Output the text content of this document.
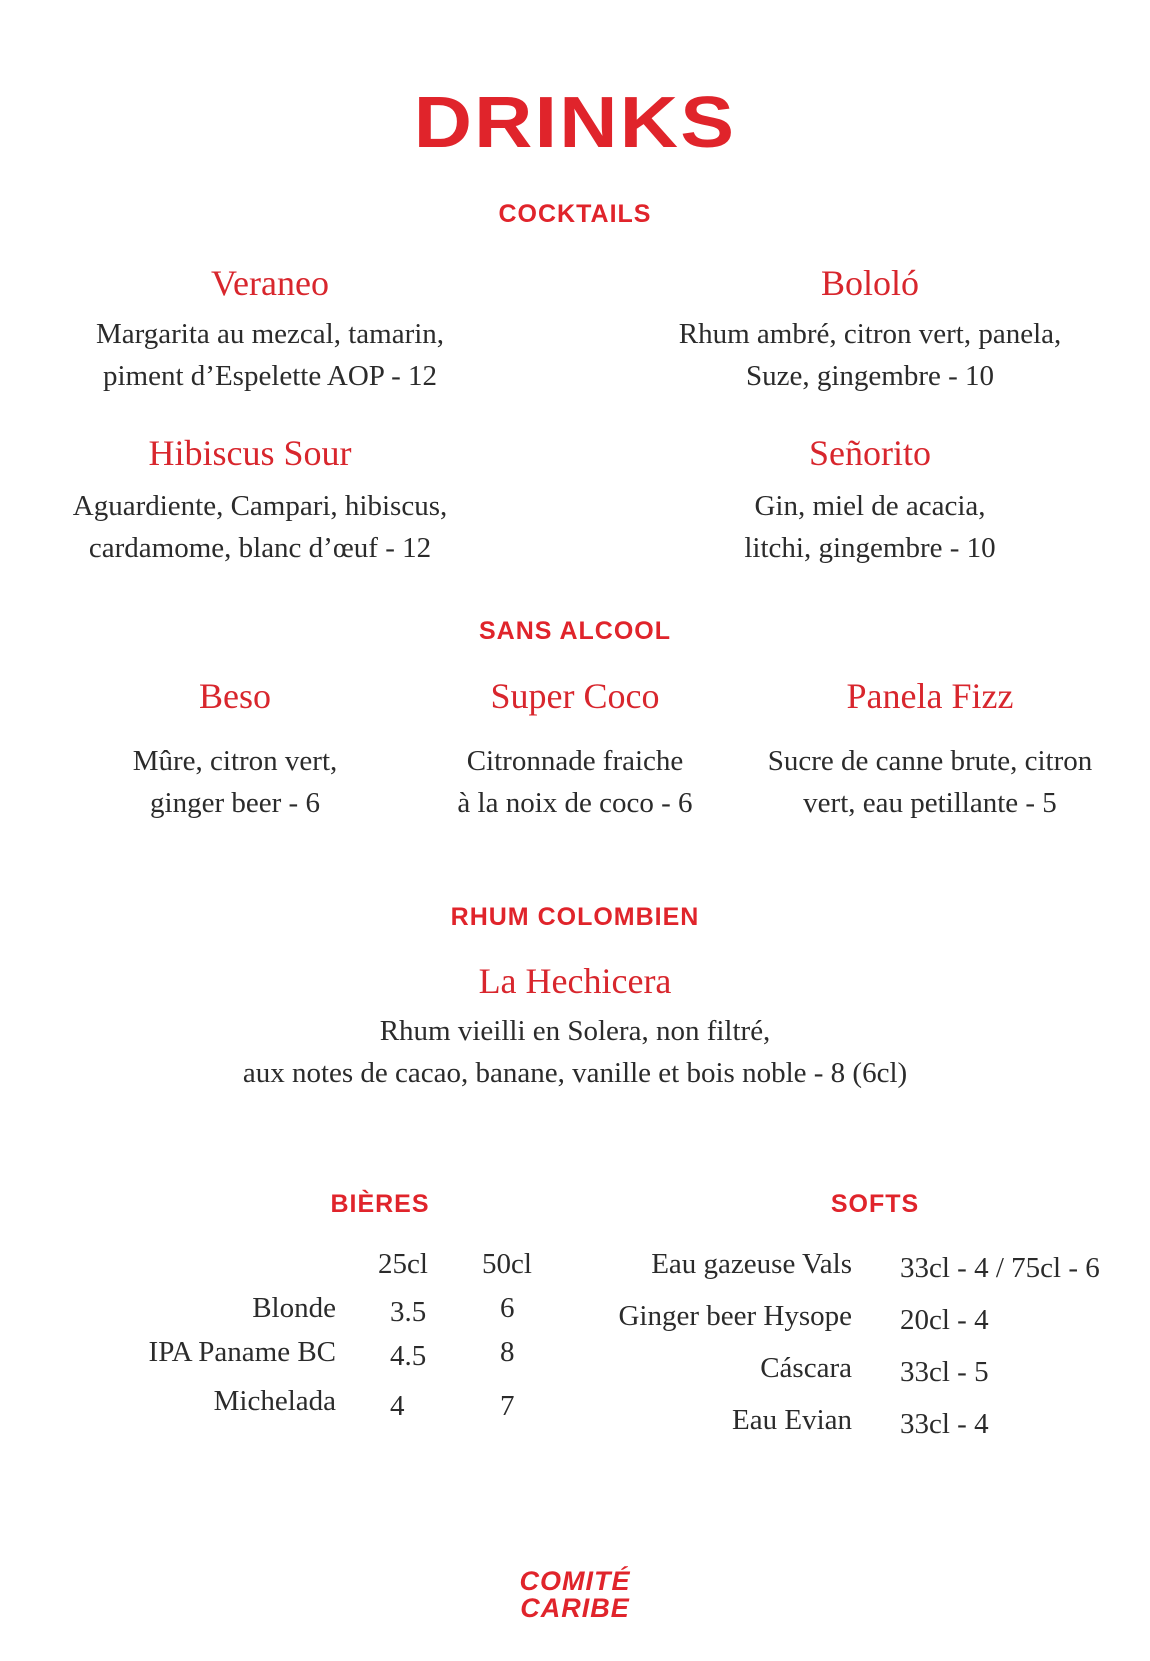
DRINKS
COCKTAILS
Veraneo
Margarita au mezcal, tamarin,
piment d’Espelette AOP - 12
Bololó
Rhum ambré, citron vert, panela,
Suze, gingembre - 10
Hibiscus Sour
Aguardiente, Campari, hibiscus,
cardamome, blanc d’œuf - 12
Señorito
Gin, miel de acacia,
litchi, gingembre - 10
SANS ALCOOL
Beso
Mûre, citron vert,
ginger beer - 6
Super Coco
Citronnade fraiche
à la noix de coco - 6
Panela Fizz
Sucre de canne brute, citron
vert, eau petillante - 5
RHUM COLOMBIEN
La Hechicera
Rhum vieilli en Solera, non filtré,
aux notes de cacao, banane, vanille et bois noble - 8 (6cl)
BIÈRES
25cl 50cl
Blonde 3.5	6
IPA Paname BC 4.5	8
Michelada 4	7
SOFTS
Eau gazeuse Vals 33cl - 4 / 75cl - 6
Ginger beer Hysope 20cl - 4
Cáscara 33cl - 5
Eau Evian 33cl - 4
COMITÉ
CARIBE
